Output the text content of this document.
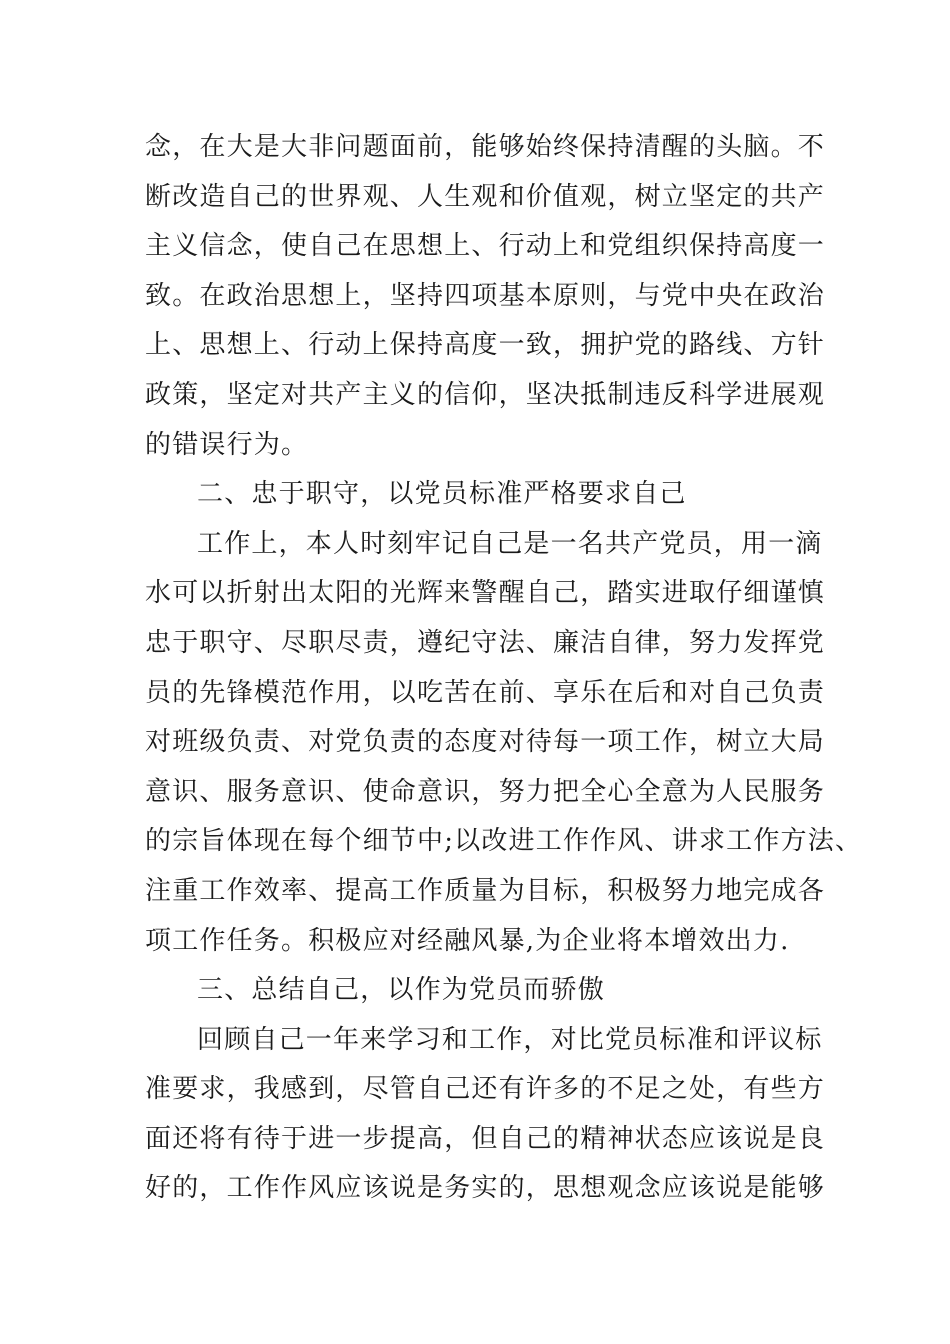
念，在大是大非问题面前，能够始终保持清醒的头脑。不
断改造自己的世界观、人生观和价值观，树立坚定的共产
主义信念，使自己在思想上、行动上和党组织保持高度一
致。在政治思想上，坚持四项基本原则，与党中央在政治
上、思想上、行动上保持高度一致，拥护党的路线、方针
政策，坚定对共产主义的信仰，坚决抵制违反科学进展观
的错误行为。
二、忠于职守，以党员标准严格要求自己
工作上，本人时刻牢记自己是一名共产党员，用一滴
水可以折射出太阳的光辉来警醒自己，踏实进取仔细谨慎
忠于职守、尽职尽责，遵纪守法、廉洁自律，努力发挥党
员的先锋模范作用，以吃苦在前、享乐在后和对自己负责
对班级负责、对党负责的态度对待每一项工作，树立大局
意识、服务意识、使命意识，努力把全心全意为人民服务
的宗旨体现在每个细节中;以改进工作作风、讲求工作方法、
注重工作效率、提高工作质量为目标，积极努力地完成各
项工作任务。积极应对经融风暴,为企业将本增效出力.
三、总结自己，以作为党员而骄傲
回顾自己一年来学习和工作，对比党员标准和评议标
准要求，我感到，尽管自己还有许多的不足之处，有些方
面还将有待于进一步提高，但自己的精神状态应该说是良
好的，工作作风应该说是务实的，思想观念应该说是能够
